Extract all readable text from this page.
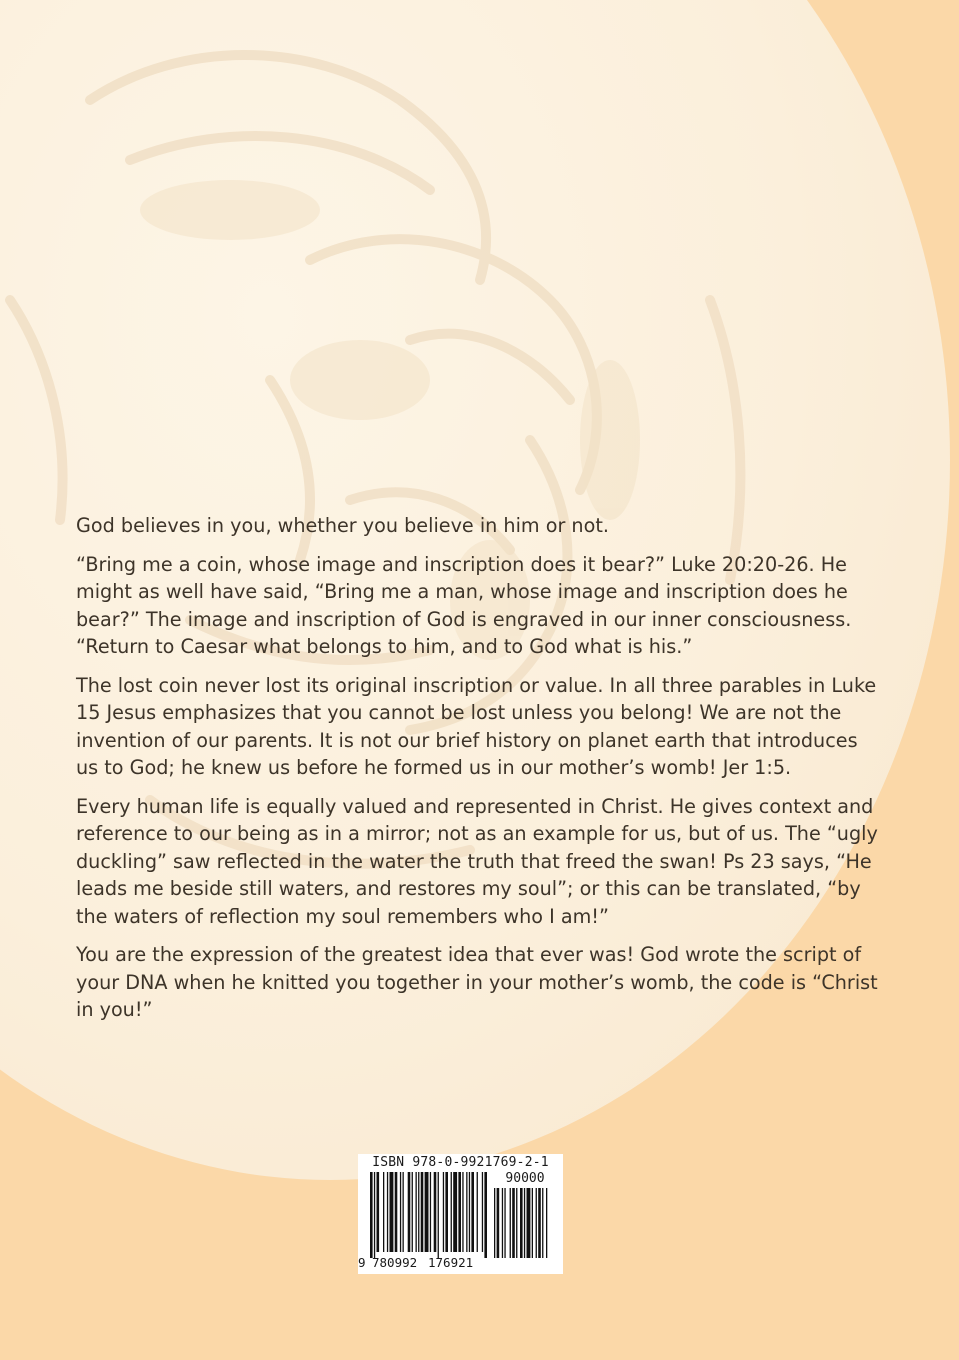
God believes in you, whether you believe in him or not.

“Bring me a coin, whose image and inscription does it bear?” Luke 20:20-26. He might as well have said, “Bring me a man, whose image and inscription does he bear?” The image and inscription of God is engraved in our inner consciousness. “Return to Caesar what belongs to him, and to God what is his.”

The lost coin never lost its original inscription or value. In all three parables in Luke 15 Jesus emphasizes that you cannot be lost unless you belong! We are not the invention of our parents. It is not our brief history on planet earth that introduces us to God; he knew us before he formed us in our mother’s womb! Jer 1:5.

Every human life is equally valued and represented in Christ. He gives context and reference to our being as in a mirror; not as an example for us, but of us. The “ugly duckling” saw reflected in the water the truth that freed the swan! Ps 23 says, “He leads me beside still waters, and restores my soul”; or this can be translated, “by the waters of reflection my soul remembers who I am!”

You are the expression of the greatest idea that ever was! God wrote the script of your DNA when he knitted you together in your mother’s womb, the code is “Christ in you!”

ISBN 978-0-9921769-2-1
90000
9 780992 176921
